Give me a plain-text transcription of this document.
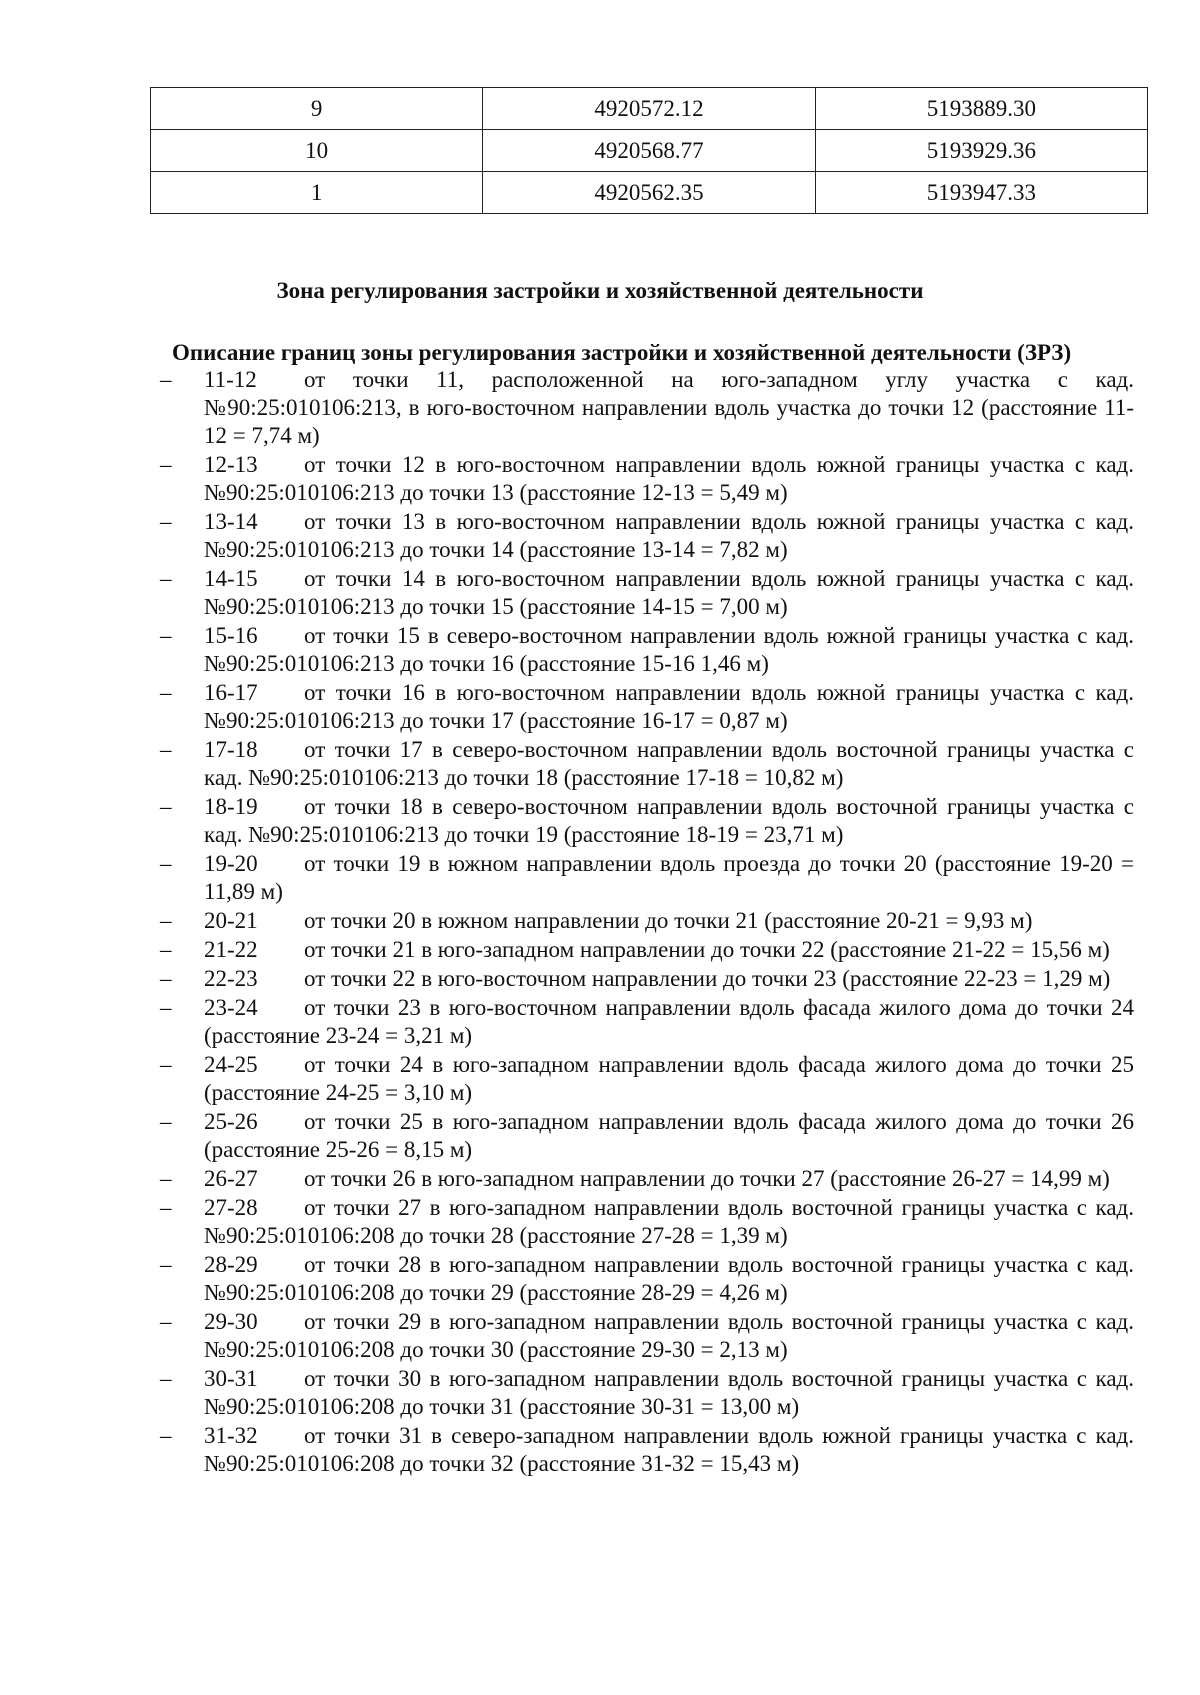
9	4920572.12	5193889.30
10	4920568.77	5193929.36
1	4920562.35	5193947.33
Зона регулирования застройки и хозяйственной деятельности
Описание границ зоны регулирования застройки и хозяйственной деятельности (ЗРЗ)
– 11-12 от точки 11, расположенной на юго-западном углу участка с кад. №90:25:010106:213, в юго-восточном направлении вдоль участка до точки 12 (расстояние 11-12 = 7,74 м)
– 12-13 от точки 12 в юго-восточном направлении вдоль южной границы участка с кад. №90:25:010106:213 до точки 13 (расстояние 12-13 = 5,49 м)
– 13-14 от точки 13 в юго-восточном направлении вдоль южной границы участка с кад. №90:25:010106:213 до точки 14 (расстояние 13-14 = 7,82 м)
– 14-15 от точки 14 в юго-восточном направлении вдоль южной границы участка с кад. №90:25:010106:213 до точки 15 (расстояние 14-15 = 7,00 м)
– 15-16 от точки 15 в северо-восточном направлении вдоль южной границы участка с кад. №90:25:010106:213 до точки 16 (расстояние 15-16 1,46 м)
– 16-17 от точки 16 в юго-восточном направлении вдоль южной границы участка с кад. №90:25:010106:213 до точки 17 (расстояние 16-17 = 0,87 м)
– 17-18 от точки 17 в северо-восточном направлении вдоль восточной границы участка с кад. №90:25:010106:213 до точки 18 (расстояние 17-18 = 10,82 м)
– 18-19 от точки 18 в северо-восточном направлении вдоль восточной границы участка с кад. №90:25:010106:213 до точки 19 (расстояние 18-19 = 23,71 м)
– 19-20 от точки 19 в южном направлении вдоль проезда до точки 20 (расстояние 19-20 = 11,89 м)
– 20-21 от точки 20 в южном направлении до точки 21 (расстояние 20-21 = 9,93 м)
– 21-22 от точки 21 в юго-западном направлении до точки 22 (расстояние 21-22 = 15,56 м)
– 22-23 от точки 22 в юго-восточном направлении до точки 23 (расстояние 22-23 = 1,29 м)
– 23-24 от точки 23 в юго-восточном направлении вдоль фасада жилого дома до точки 24 (расстояние 23-24 = 3,21 м)
– 24-25 от точки 24 в юго-западном направлении вдоль фасада жилого дома до точки 25 (расстояние 24-25 = 3,10 м)
– 25-26 от точки 25 в юго-западном направлении вдоль фасада жилого дома до точки 26 (расстояние 25-26 = 8,15 м)
– 26-27 от точки 26 в юго-западном направлении до точки 27 (расстояние 26-27 = 14,99 м)
– 27-28 от точки 27 в юго-западном направлении вдоль восточной границы участка с кад. №90:25:010106:208 до точки 28 (расстояние 27-28 = 1,39 м)
– 28-29 от точки 28 в юго-западном направлении вдоль восточной границы участка с кад. №90:25:010106:208 до точки 29 (расстояние 28-29 = 4,26 м)
– 29-30 от точки 29 в юго-западном направлении вдоль восточной границы участка с кад. №90:25:010106:208 до точки 30 (расстояние 29-30 = 2,13 м)
– 30-31 от точки 30 в юго-западном направлении вдоль восточной границы участка с кад. №90:25:010106:208 до точки 31 (расстояние 30-31 = 13,00 м)
– 31-32 от точки 31 в северо-западном направлении вдоль южной границы участка с кад. №90:25:010106:208 до точки 32 (расстояние 31-32 = 15,43 м)
